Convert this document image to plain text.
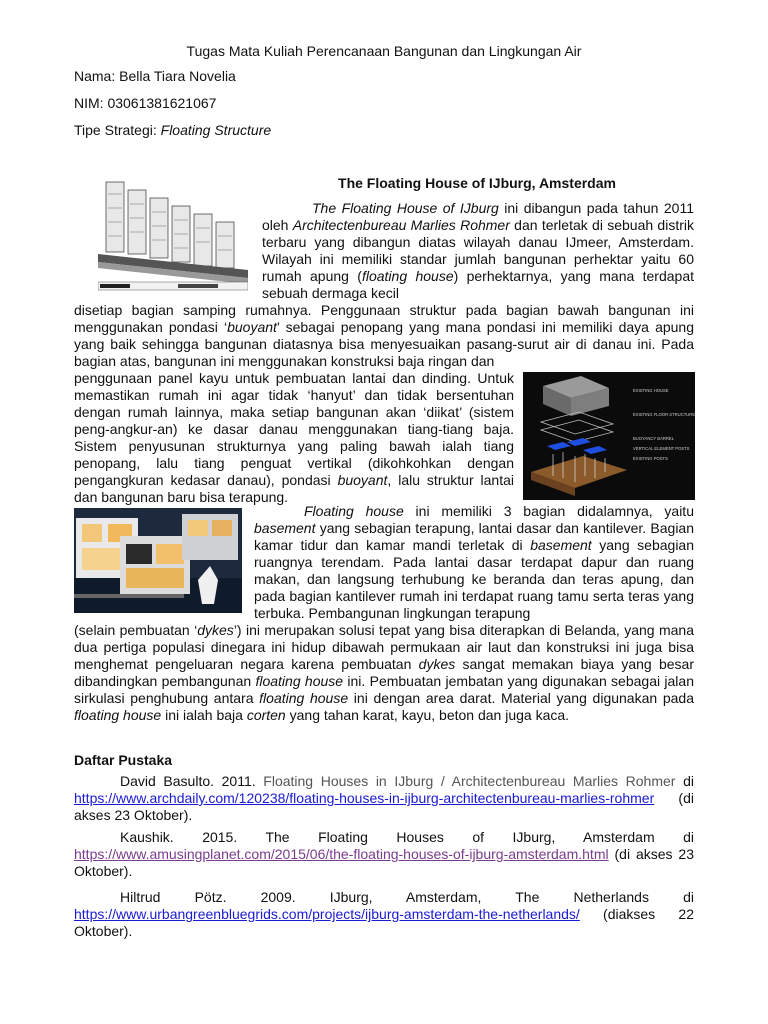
Tugas Mata Kuliah Perencanaan Bangunan dan Lingkungan Air
Nama: Bella Tiara Novelia
NIM: 03061381621067
Tipe Strategi: Floating Structure
The Floating House of IJburg, Amsterdam

The Floating House of IJburg ini dibangun pada tahun 2011 oleh Architectenbureau Marlies Rohmer dan terletak di sebuah distrik terbaru yang dibangun diatas wilayah danau IJmeer, Amsterdam. Wilayah ini memiliki standar jumlah bangunan perhektar yaitu 60 rumah apung (floating house) perhektarnya, yang mana terdapat sebuah dermaga kecil

disetiap bagian samping rumahnya. Penggunaan struktur pada bagian bawah bangunan ini menggunakan pondasi ‘buoyant’ sebagai penopang yang mana pondasi ini memiliki daya apung yang baik sehingga bangunan diatasnya bisa menyesuaikan pasang-surut air di danau ini. Pada bagian atas, bangunan ini menggunakan konstruksi baja ringan dan

penggunaan panel kayu untuk pembuatan lantai dan dinding. Untuk memastikan rumah ini agar tidak ‘hanyut’ dan tidak bersentuhan dengan rumah lainnya, maka setiap bangunan akan ‘diikat’ (sistem peng-angkur-an) ke dasar danau menggunakan tiang-tiang baja. Sistem penyusunan strukturnya yang paling bawah ialah tiang penopang, lalu tiang penguat vertikal (dikohkohkan dengan pengangkuran kedasar danau), pondasi buoyant, lalu struktur lantai dan bangunan baru bisa terapung.

EXISTING HOUSE
EXISTING FLOOR STRUCTURE
BUOYANCY BARREL
VERTICAL ELEMENT POSTS
EXISTING POSTS

Floating house ini memiliki 3 bagian didalamnya, yaitu basement yang sebagian terapung, lantai dasar dan kantilever. Bagian kamar tidur dan kamar mandi terletak di basement yang sebagian ruangnya terendam. Pada lantai dasar terdapat dapur dan ruang makan, dan langsung terhubung ke beranda dan teras apung, dan pada bagian kantilever rumah ini terdapat ruang tamu serta teras yang terbuka. Pembangunan lingkungan terapung

(selain pembuatan ‘dykes’) ini merupakan solusi tepat yang bisa diterapkan di Belanda, yang mana dua pertiga populasi dinegara ini hidup dibawah permukaan air laut dan konstruksi ini juga bisa menghemat pengeluaran negara karena pembuatan dykes sangat memakan biaya yang besar dibandingkan pembangunan floating house ini. Pembuatan jembatan yang digunakan sebagai jalan sirkulasi penghubung antara floating house ini dengan area darat. Material yang digunakan pada floating house ini ialah baja corten yang tahan karat, kayu, beton dan juga kaca.

Daftar Pustaka

David Basulto. 2011. Floating Houses in IJburg / Architectenbureau Marlies Rohmer di https://www.archdaily.com/120238/floating-houses-in-ijburg-architectenbureau-marlies-rohmer (di akses 23 Oktober).

Kaushik. 2015. The Floating Houses of IJburg, Amsterdam di https://www.amusingplanet.com/2015/06/the-floating-houses-of-ijburg-amsterdam.html (di akses 23 Oktober).

Hiltrud Pötz. 2009. IJburg, Amsterdam, The Netherlands di https://www.urbangreenbluegrids.com/projects/ijburg-amsterdam-the-netherlands/ (diakses 22 Oktober).
